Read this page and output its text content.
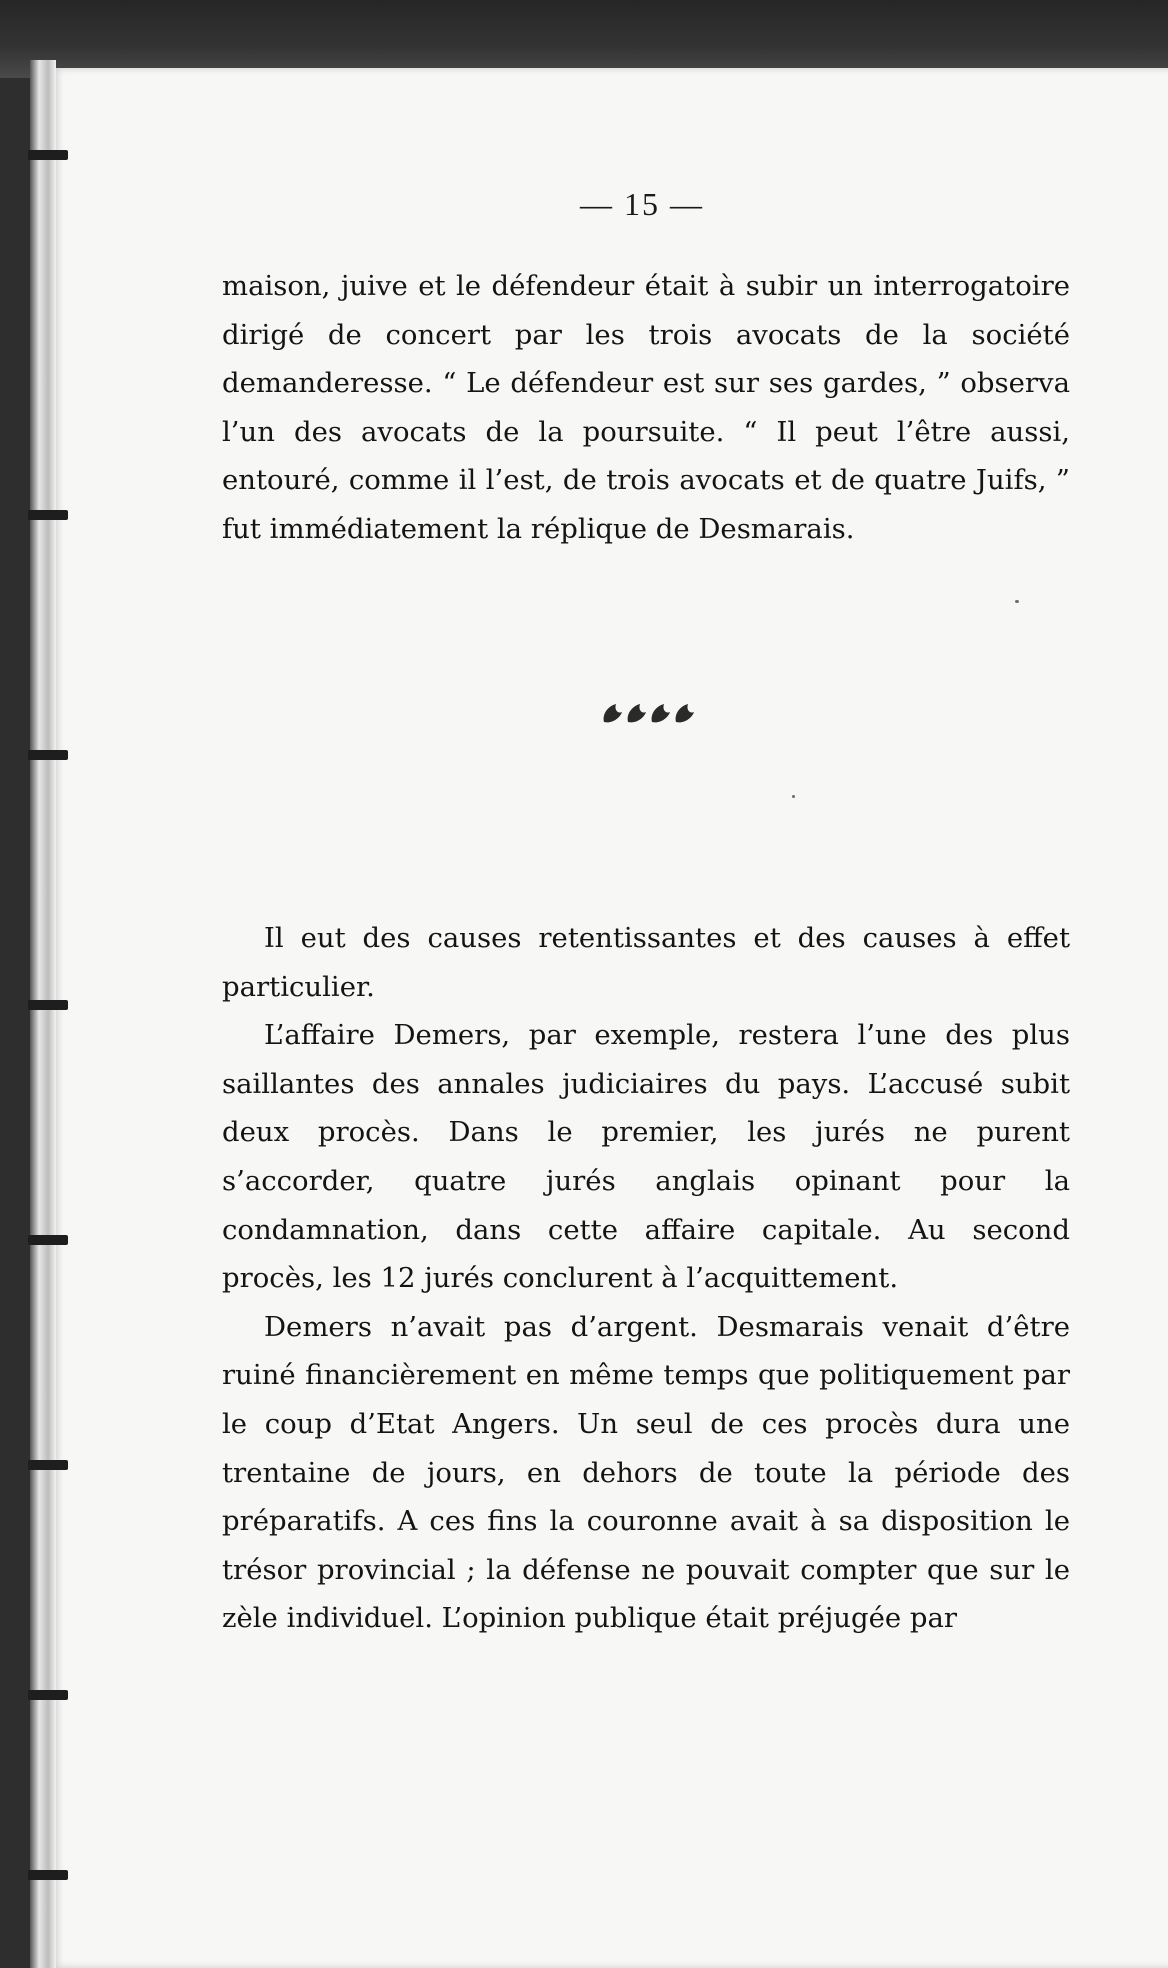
— 15 —

maison, juive et le défendeur était à subir un interrogatoire dirigé de concert par les trois avocats de la société demanderesse. “ Le défendeur est sur ses gardes, ” observa l’un des avocats de la poursuite. “ Il peut l’être aussi, entouré, comme il l’est, de trois avocats et de quatre Juifs, ” fut immédiatement la réplique de Desmarais.

Il eut des causes retentissantes et des causes à effet particulier.

L’affaire Demers, par exemple, restera l’une des plus saillantes des annales judiciaires du pays. L’accusé subit deux procès. Dans le premier, les jurés ne purent s’accorder, quatre jurés anglais opinant pour la condamnation, dans cette affaire capitale. Au second procès, les 12 jurés conclurent à l’acquittement.

Demers n’avait pas d’argent. Desmarais venait d’être ruiné financièrement en même temps que politiquement par le coup d’Etat Angers. Un seul de ces procès dura une trentaine de jours, en dehors de toute la période des préparatifs. A ces fins la couronne avait à sa disposition le trésor provincial ; la défense ne pouvait compter que sur le zèle individuel. L’opinion publique était préjugée par
